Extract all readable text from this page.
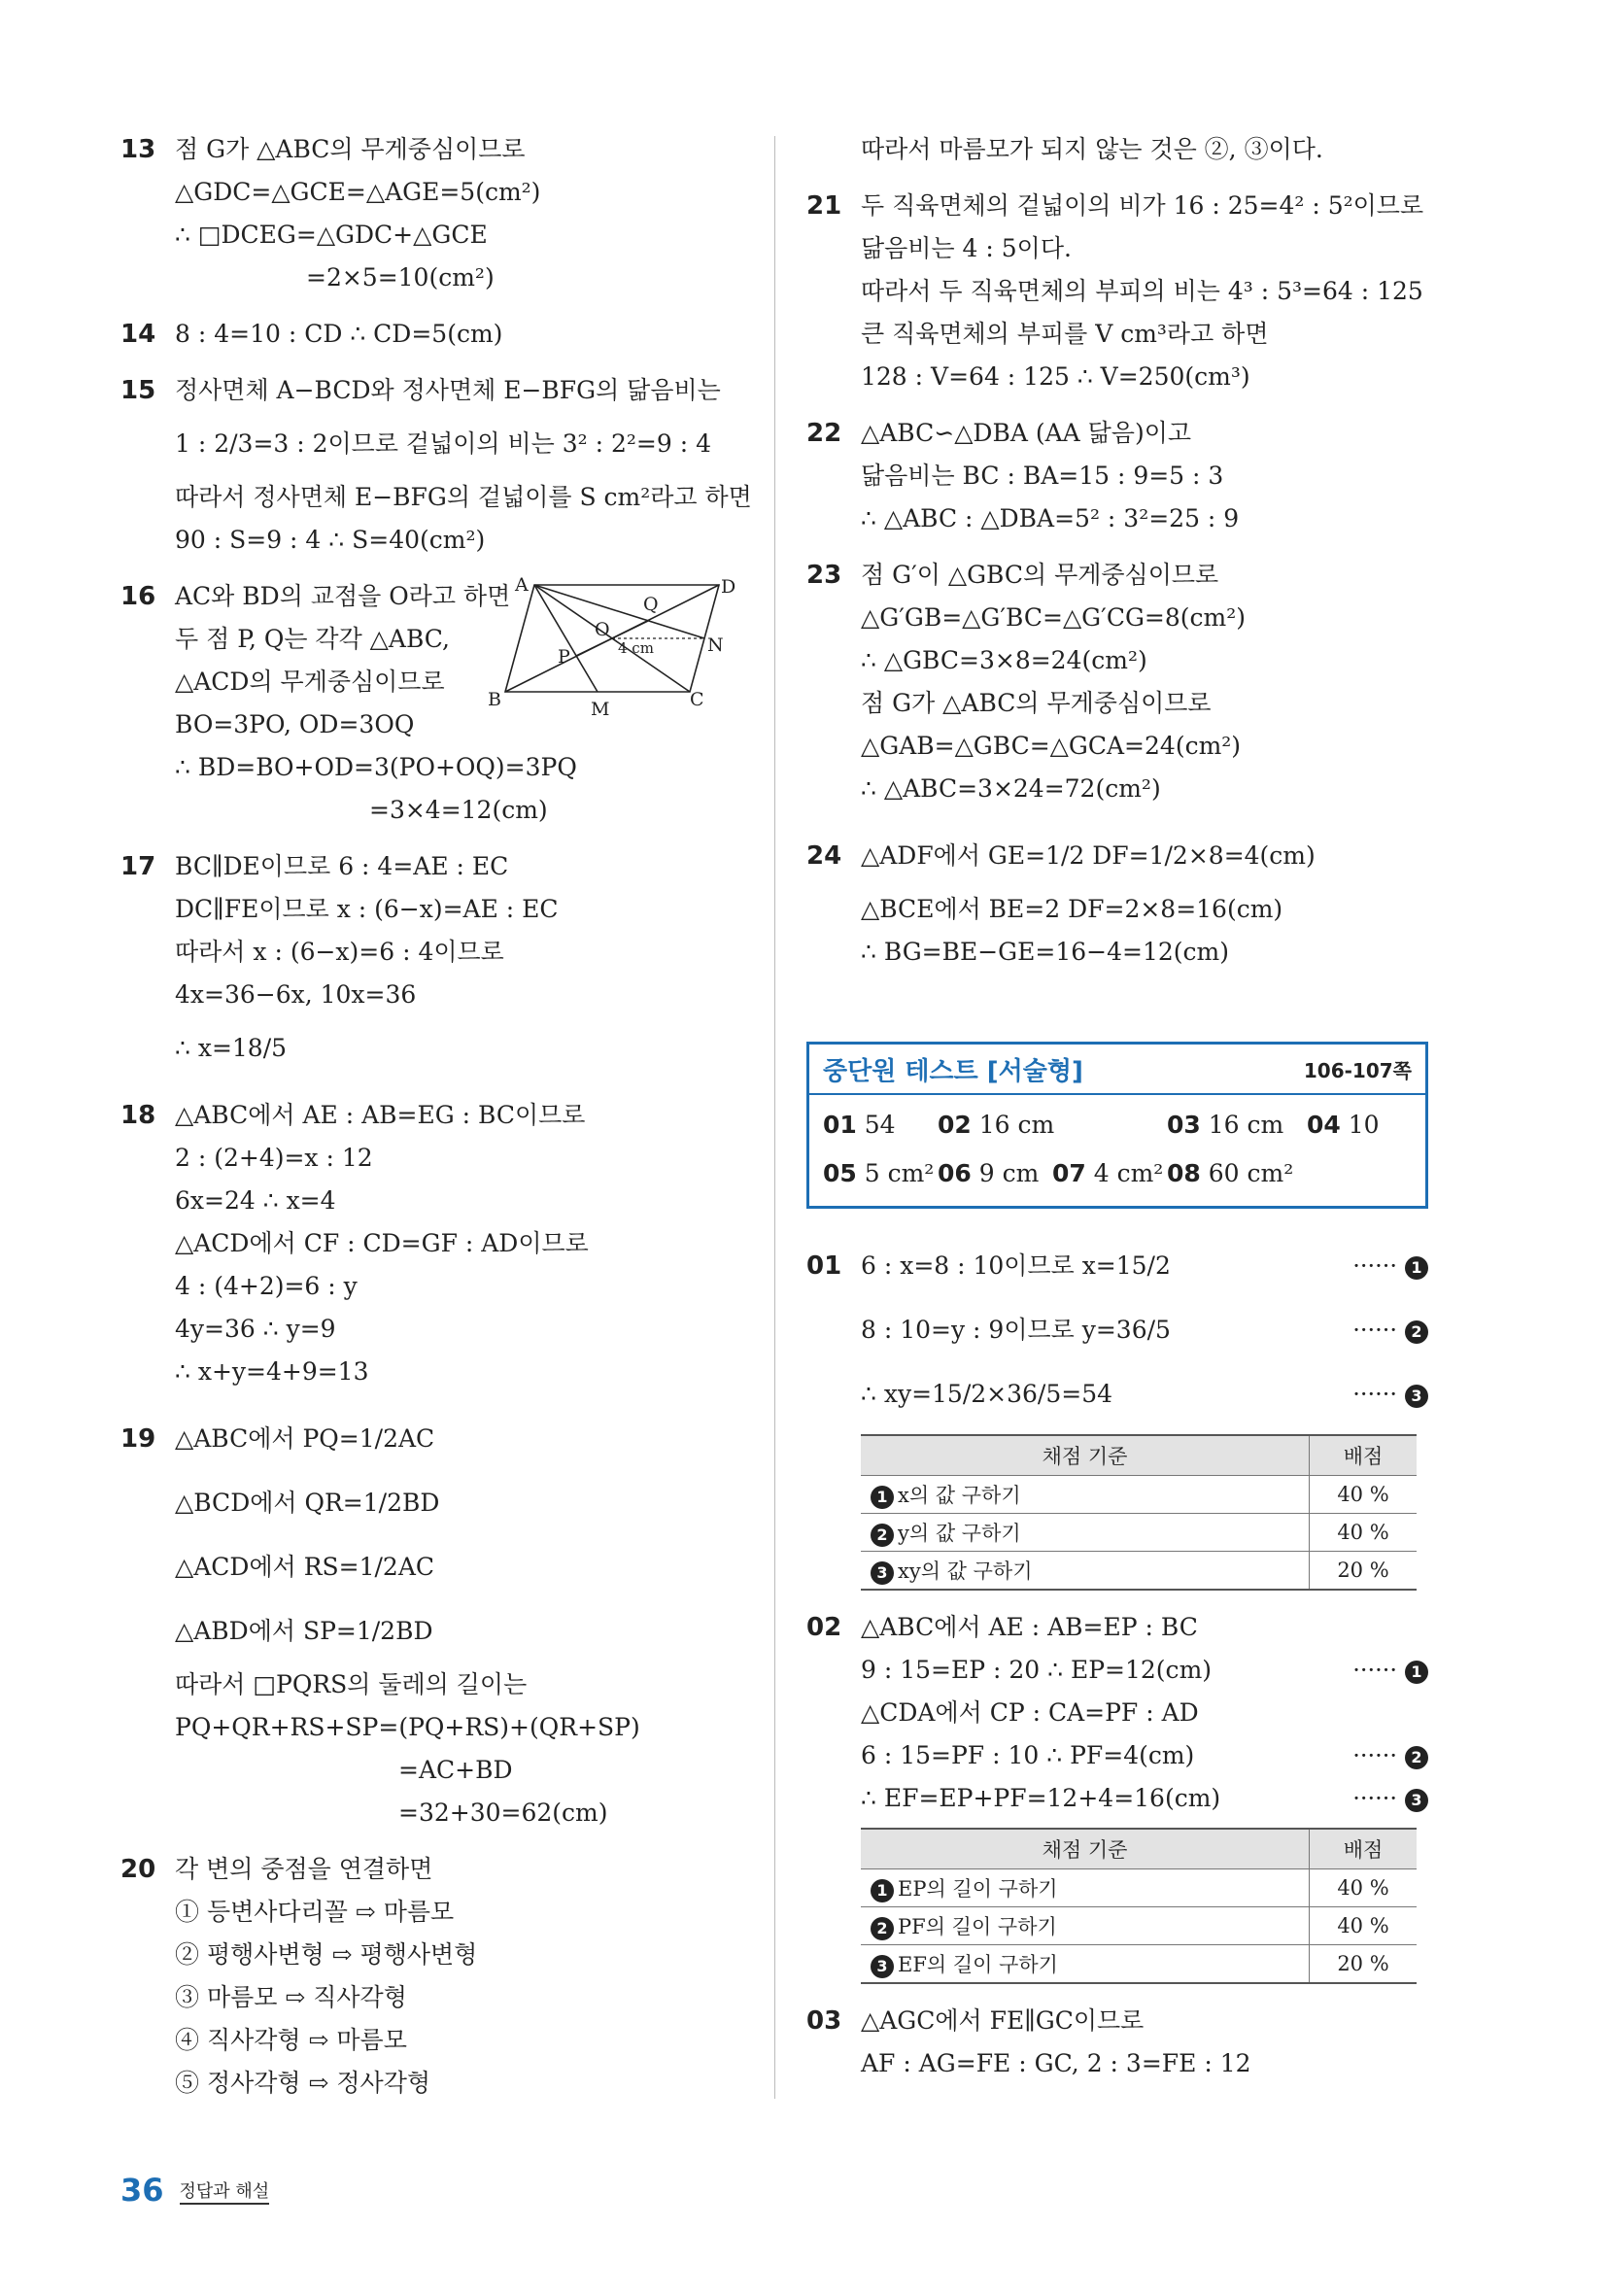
13 점 G가 △ABC의 무게중심이므로
△GDC=△GCE=△AGE=5(cm²)
∴ □DCEG=△GDC+△GCE
=2×5=10(cm²)
14 8 : 4=10 : CD ∴ CD=5(cm)
15 정사면체 A−BCD와 정사면체 E−BFG의 닮음비는
1 : 2/3=3 : 2이므로 겉넓이의 비는 3² : 2²=9 : 4
따라서 정사면체 E−BFG의 겉넓이를 S cm²라고 하면
90 : S=9 : 4 ∴ S=40(cm²)
16 AC와 BD의 교점을 O라고 하면
두 점 P, Q는 각각 △ABC,
△ACD의 무게중심이므로
BO=3PO, OD=3OQ
∴ BD=BO+OD=3(PO+OQ)=3PQ
=3×4=12(cm)
A	D
B	C
M
N
P
Q
O
4 cm
17 BC∥DE이므로 6 : 4=AE : EC
DC∥FE이므로 x : (6−x)=AE : EC
따라서 x : (6−x)=6 : 4이므로
4x=36−6x, 10x=36
∴ x=18/5
18 △ABC에서 AE : AB=EG : BC이므로
2 : (2+4)=x : 12
6x=24 ∴ x=4
△ACD에서 CF : CD=GF : AD이므로
4 : (4+2)=6 : y
4y=36 ∴ y=9
∴ x+y=4+9=13
19 △ABC에서 PQ=1/2AC
△BCD에서 QR=1/2BD
△ACD에서 RS=1/2AC
△ABD에서 SP=1/2BD
따라서 □PQRS의 둘레의 길이는
PQ+QR+RS+SP=(PQ+RS)+(QR+SP)
=AC+BD
=32+30=62(cm)
20 각 변의 중점을 연결하면
① 등변사다리꼴 ⇨ 마름모
② 평행사변형 ⇨ 평행사변형
③ 마름모 ⇨ 직사각형
④ 직사각형 ⇨ 마름모
⑤ 정사각형 ⇨ 정사각형
따라서 마름모가 되지 않는 것은 ②, ③이다.
21 두 직육면체의 겉넓이의 비가 16 : 25=4² : 5²이므로
닮음비는 4 : 5이다.
따라서 두 직육면체의 부피의 비는 4³ : 5³=64 : 125
큰 직육면체의 부피를 V cm³라고 하면
128 : V=64 : 125 ∴ V=250(cm³)
22 △ABC∽△DBA (AA 닮음)이고
닮음비는 BC : BA=15 : 9=5 : 3
∴ △ABC : △DBA=5² : 3²=25 : 9
23 점 G′이 △GBC의 무게중심이므로
△G′GB=△G′BC=△G′CG=8(cm²)
∴ △GBC=3×8=24(cm²)
점 G가 △ABC의 무게중심이므로
△GAB=△GBC=△GCA=24(cm²)
∴ △ABC=3×24=72(cm²)
24 △ADF에서 GE=1/2 DF=1/2×8=4(cm)
△BCE에서 BE=2 DF=2×8=16(cm)
∴ BG=BE−GE=16−4=12(cm)
중단원 테스트 [서술형]	106-107쪽
01 54	02 16 cm	03 16 cm 04 10
05 5 cm² 06 9 cm 07 4 cm² 08 60 cm²
01 6 : x=8 : 10이므로 x=15/2	······ 1
8 : 10=y : 9이므로 y=36/5	······ 2
∴ xy=15/2×36/5=54	······ 3
채점 기준	배점
1 x의 값 구하기	40 %
2 y의 값 구하기	40 %
3 xy의 값 구하기	20 %
02 △ABC에서 AE : AB=EP : BC
9 : 15=EP : 20 ∴ EP=12(cm)	······ 1
△CDA에서 CP : CA=PF : AD
6 : 15=PF : 10 ∴ PF=4(cm)	······ 2
∴ EF=EP+PF=12+4=16(cm)	······ 3
채점 기준	배점
1 EP의 길이 구하기	40 %
2 PF의 길이 구하기	40 %
3 EF의 길이 구하기	20 %
03 △AGC에서 FE∥GC이므로
AF : AG=FE : GC, 2 : 3=FE : 12
36 정답과 해설
